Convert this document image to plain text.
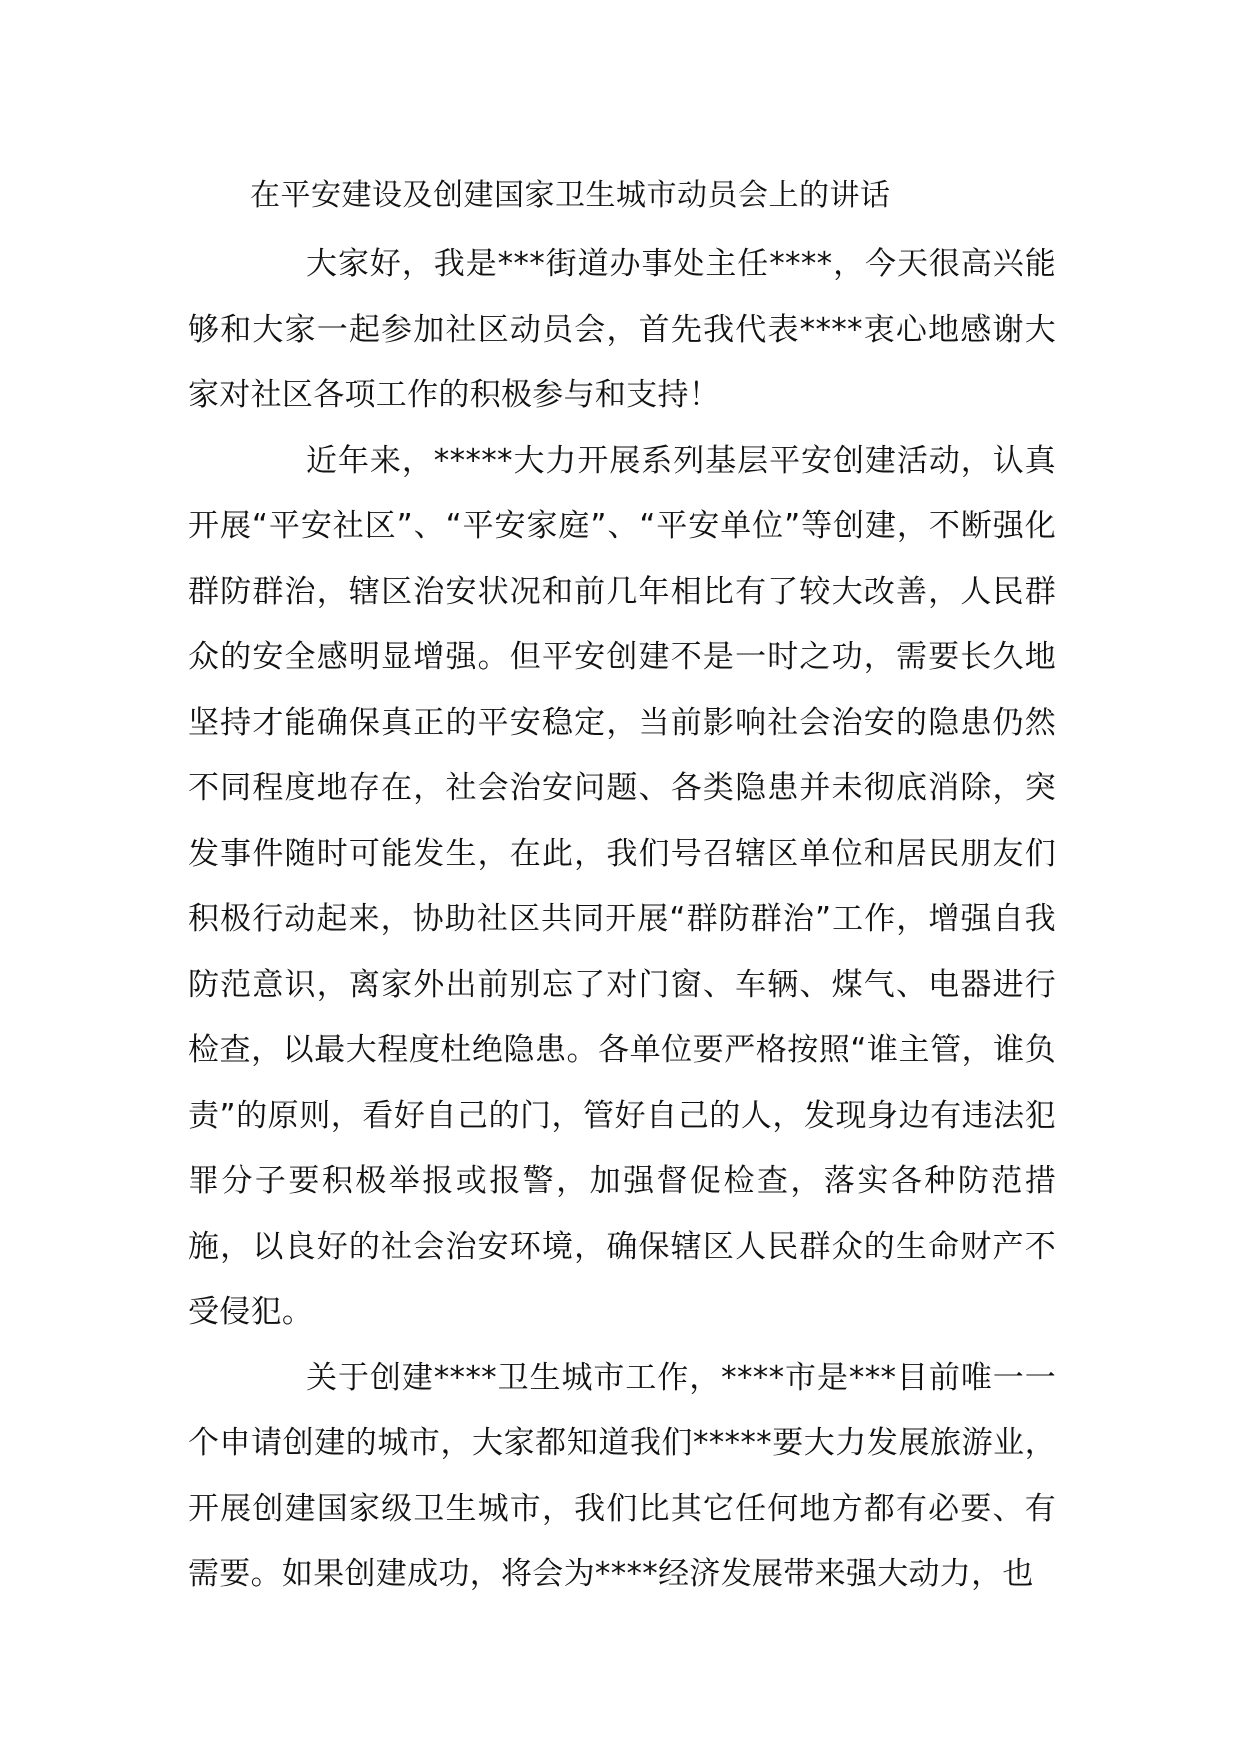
在平安建设及创建国家卫生城市动员会上的讲话

大家好，我是***街道办事处主任****，今天很高兴能够和大家一起参加社区动员会，首先我代表****衷心地感谢大家对社区各项工作的积极参与和支持！

近年来，*****大力开展系列基层平安创建活动，认真开展“平安社区”、“平安家庭”、“平安单位”等创建，不断强化群防群治，辖区治安状况和前几年相比有了较大改善，人民群众的安全感明显增强。但平安创建不是一时之功，需要长久地坚持才能确保真正的平安稳定，当前影响社会治安的隐患仍然不同程度地存在，社会治安问题、各类隐患并未彻底消除，突发事件随时可能发生，在此，我们号召辖区单位和居民朋友们积极行动起来，协助社区共同开展“群防群治”工作，增强自我防范意识，离家外出前别忘了对门窗、车辆、煤气、电器进行检查，以最大程度杜绝隐患。各单位要严格按照“谁主管，谁负责”的原则，看好自己的门，管好自己的人，发现身边有违法犯罪分子要积极举报或报警，加强督促检查，落实各种防范措施，以良好的社会治安环境，确保辖区人民群众的生命财产不受侵犯。

关于创建****卫生城市工作，****市是***目前唯一一个申请创建的城市，大家都知道我们*****要大力发展旅游业，开展创建国家级卫生城市，我们比其它任何地方都有必要、有需要。如果创建成功，将会为****经济发展带来强大动力，也
